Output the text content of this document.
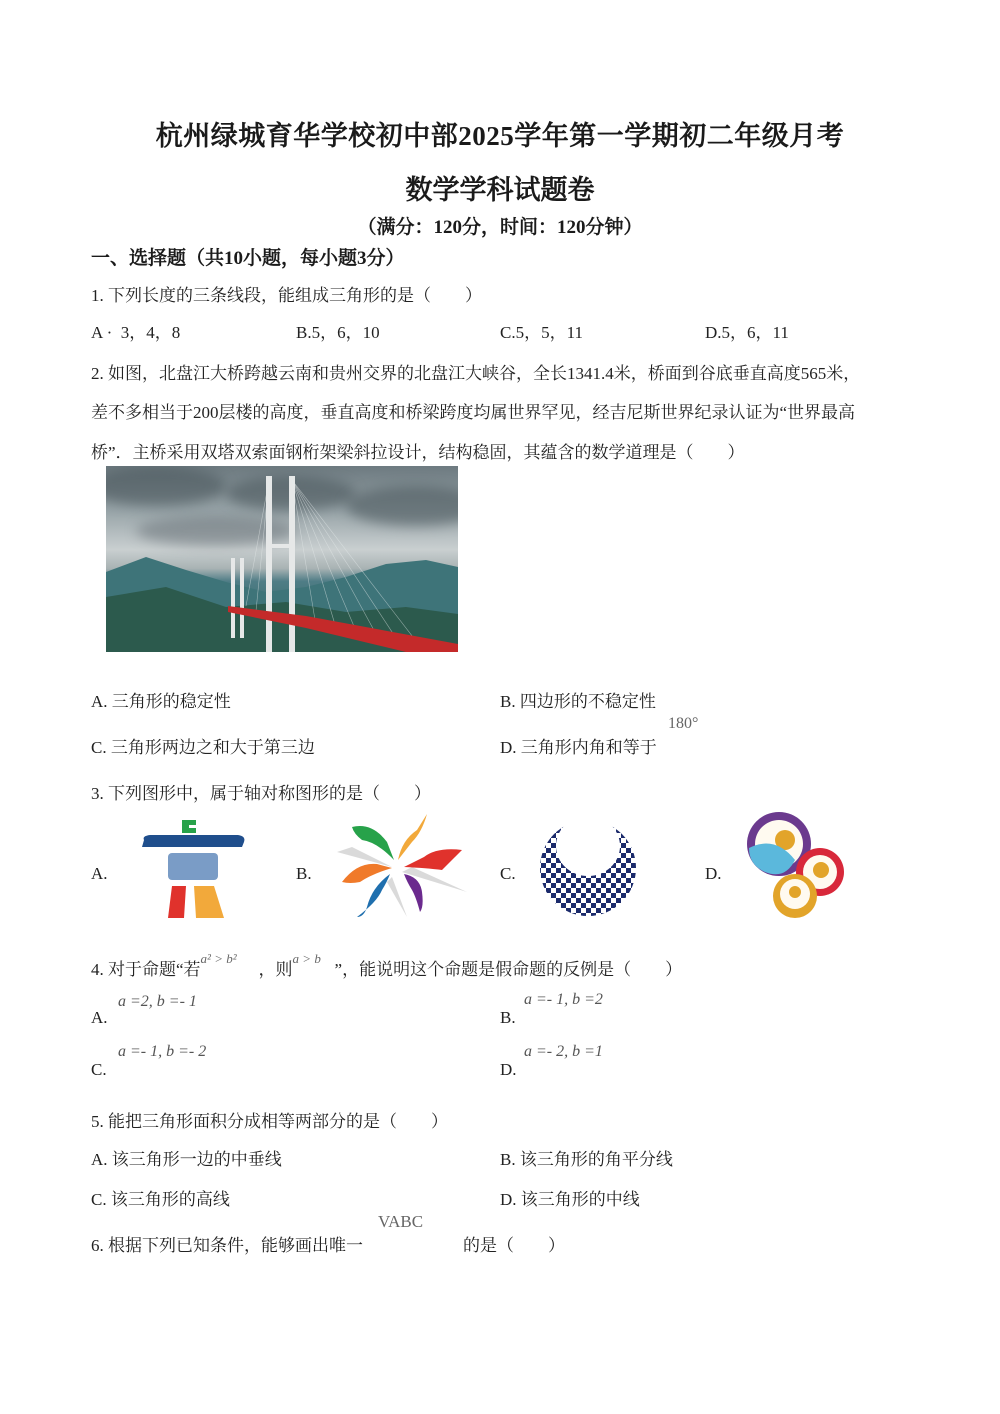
杭州绿城育华学校初中部2025学年第一学期初二年级月考
数学学科试题卷
（满分：120分，时间：120分钟）
一、选择题（共10小题，每小题3分）
1. 下列长度的三条线段，能组成三角形的是（　　）
A · 3，4，8	B.5，6，10	C.5，5，11	D.5，6，11
2. 如图，北盘江大桥跨越云南和贵州交界的北盘江大峡谷，全长1341.4米，桥面到谷底垂直高度565米，
差不多相当于200层楼的高度，垂直高度和桥梁跨度均属世界罕见，经吉尼斯世界纪录认证为“世界最高
桥”．主桥采用双塔双索面钢桁架梁斜拉设计，结构稳固，其蕴含的数学道理是（　　）
A. 三角形的稳定性	B. 四边形的不稳定性
C. 三角形两边之和大于第三边	D. 三角形内角和等于
180°
3. 下列图形中，属于轴对称图形的是（　　）
A.	B.	C.	D.
4. 对于命题“若a² > b²，则a > b”，能说明这个命题是假命题的反例是（　　）
A.
a =2, b =- 1
B.
a =- 1, b =2
C.
a =- 1, b =- 2
D.
a =- 2, b =1
5. 能把三角形面积分成相等两部分的是（　　）
A. 该三角形一边的中垂线	B. 该三角形的角平分线
C. 该三角形的高线	D. 该三角形的中线
6. 根据下列已知条件，能够画出唯一	的是（　　）
VABC
